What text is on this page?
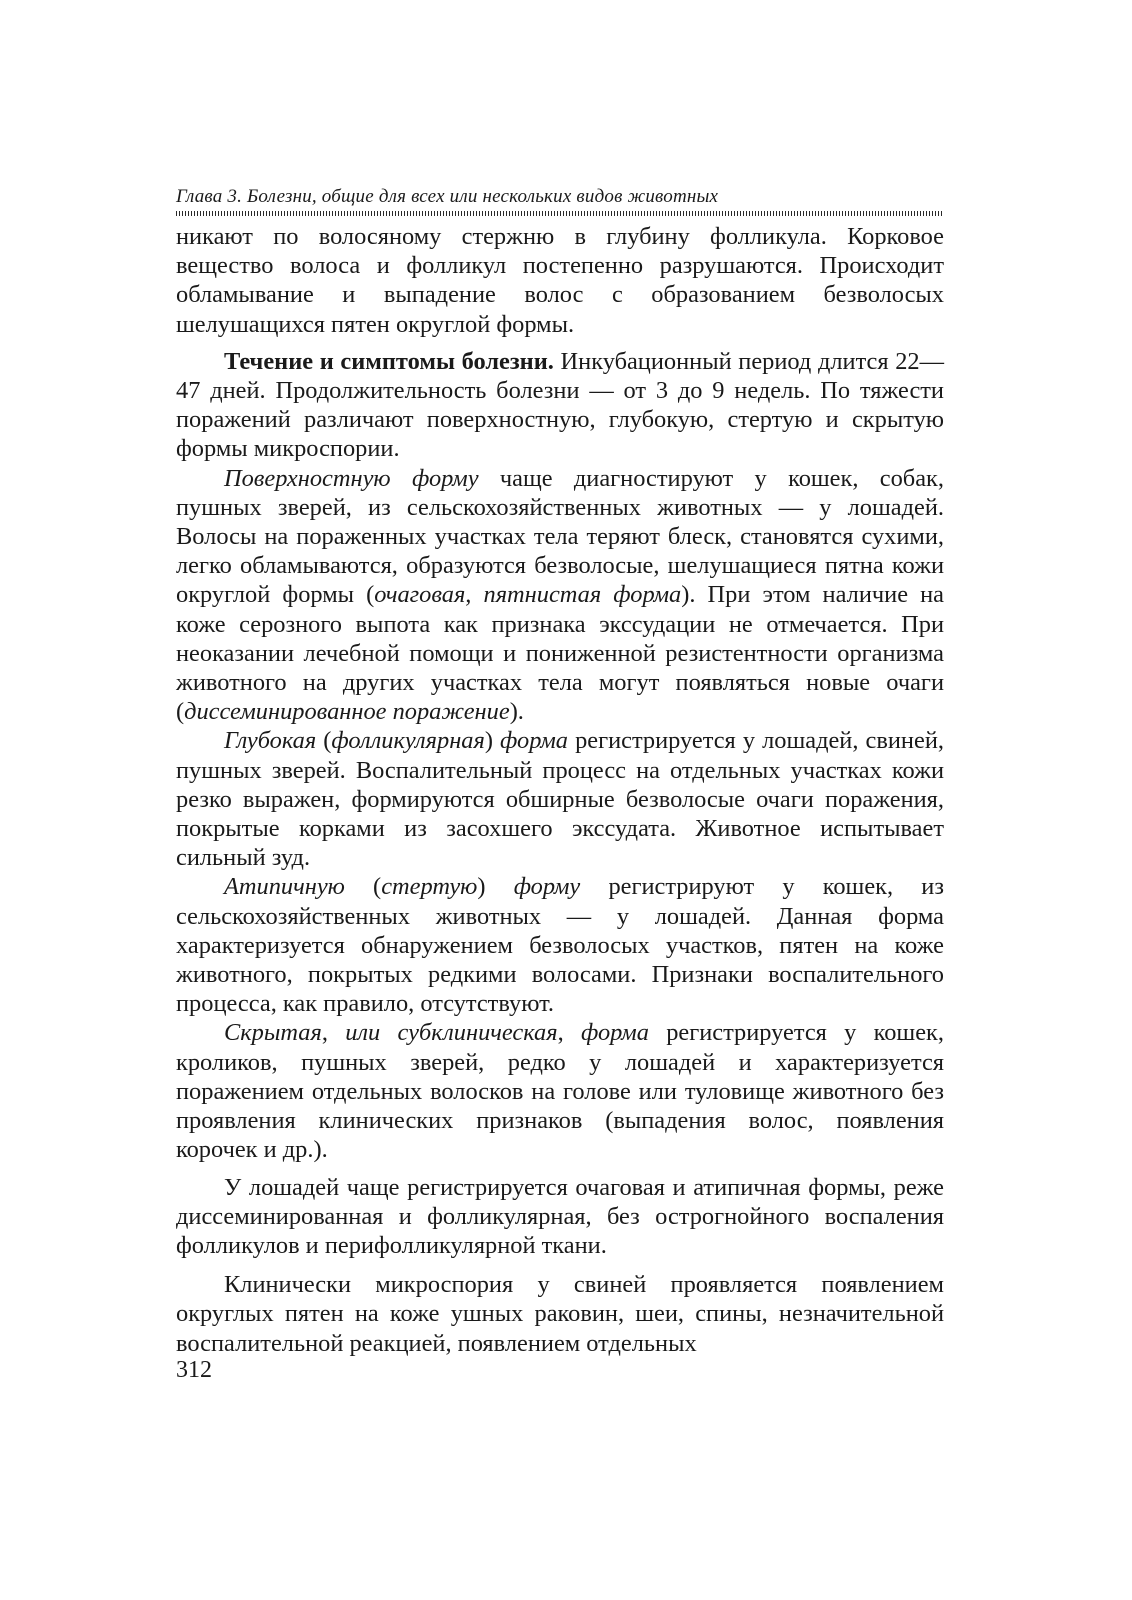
Глава 3. Болезни, общие для всех или нескольких видов животных

никают по волосяному стержню в глубину фолликула. Корковое вещество волоса и фолликул постепенно разрушаются. Происходит обламывание и выпадение волос с образованием безволосых шелушащихся пятен округлой формы.

Течение и симптомы болезни. Инкубационный период длится 22—47 дней. Продолжительность болезни — от 3 до 9 недель. По тяжести поражений различают поверхностную, глубокую, стертую и скрытую формы микроспории.

Поверхностную форму чаще диагностируют у кошек, собак, пушных зверей, из сельскохозяйственных животных — у лошадей. Волосы на пораженных участках тела теряют блеск, становятся сухими, легко обламываются, образуются безволосые, шелушащиеся пятна кожи округлой формы (очаговая, пятнистая форма). При этом наличие на коже серозного выпота как признака экссудации не отмечается. При неоказании лечебной помощи и пониженной резистентности организма животного на других участках тела могут появляться новые очаги (диссеминированное поражение).

Глубокая (фолликулярная) форма регистрируется у лошадей, свиней, пушных зверей. Воспалительный процесс на отдельных участках кожи резко выражен, формируются обширные безволосые очаги поражения, покрытые корками из засохшего экссудата. Животное испытывает сильный зуд.

Атипичную (стертую) форму регистрируют у кошек, из сельскохозяйственных животных — у лошадей. Данная форма характеризуется обнаружением безволосых участков, пятен на коже животного, покрытых редкими волосами. Признаки воспалительного процесса, как правило, отсутствуют.

Скрытая, или субклиническая, форма регистрируется у кошек, кроликов, пушных зверей, редко у лошадей и характеризуется поражением отдельных волосков на голове или туловище животного без проявления клинических признаков (выпадения волос, появления корочек и др.).

У лошадей чаще регистрируется очаговая и атипичная формы, реже диссеминированная и фолликулярная, без острогнойного воспаления фолликулов и перифолликулярной ткани.

Клинически микроспория у свиней проявляется появлением округлых пятен на коже ушных раковин, шеи, спины, незначительной воспалительной реакцией, появлением отдельных

312
